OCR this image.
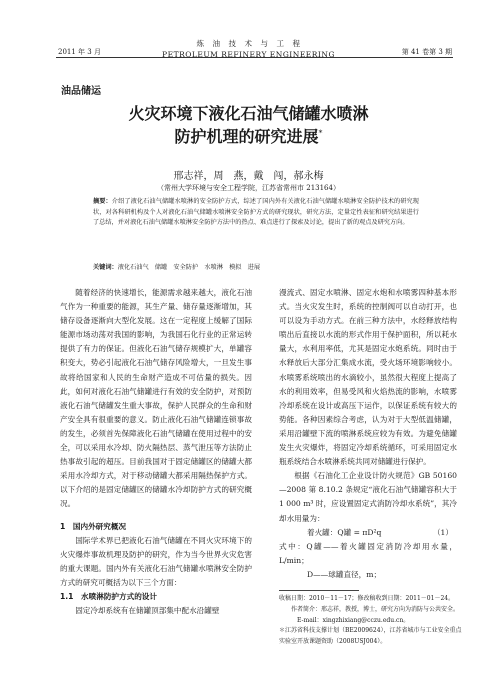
2011 年 3 月
炼　油　技　术　与　工　程
PETROLEUM REFINERY ENGINEERING	第 41 卷第 3 期
油品储运
火灾环境下液化石油气储罐水喷淋
防护机理的研究进展*
邢志祥，周　燕，戴　闯，郝永梅
（常州大学环境与安全工程学院，江苏省常州市 213164）
摘要：介绍了液化石油气储罐水喷淋的安全防护方式，综述了国内外有关液化石油气储罐水喷淋安全防护技术的研究现状，对各科研机构及个人对液化石油气储罐水喷淋安全防护方式的研究现状，研究方法，定量定性表征和研究结果进行了总结，并对液化石油气储罐水喷淋安全防护方法中的热点、难点进行了探索及讨论，提出了新的观点及研究方向。
关键词：液化石油气　储罐　安全防护　水喷淋　模拟　进展

随着经济的快速增长，能源需求越来越大，液化石油气作为一种重要的能源，其生产量、储存量逐渐增加，其储存设备逐渐向大型化发展。这在一定程度上缓解了国际能源市场动荡对我国的影响，为我国石化行业的正常运转提供了有力的保证。但液化石油气储存规模扩大，单罐容积变大，势必引起液化石油气储存风险增大，一旦发生事故将给国家和人民的生命财产造成不可估量的损失。因此，如何对液化石油气储罐进行有效的安全防护，对预防液化石油气储罐发生重大事故，保护人民群众的生命和财产安全具有很重要的意义。防止液化石油气储罐连锁事故的发生，必须首先保障液化石油气储罐在使用过程中的安全，可以采用水冷却、防火隔热层、蒸气泄压等方法防止热事故引起的超压。目前我国对于固定储罐区的储罐大都采用水冷却方式，对于移动储罐大都采用隔热保护方式。以下介绍的是固定储罐区的储罐水冷却防护方式的研究概况。

1　国内外研究概况

国际学术界已把液化石油气储罐在不同火灾环境下的火灾爆炸事故机理及防护的研究，作为当今世界火灾危害的重大课题。国内外有关液化石油气储罐水喷淋安全防护方式的研究可概括为以下三个方面：

1.1　水喷淋防护方式的设计

固定冷却系统有在储罐顶部集中配水沿罐壁

漫流式、固定水喷淋、固定水炮和水喷雾四种基本形式。当火灾发生时，系统的控制阀可以自动打开，也可以设为手动方式。在前三种方法中，水经释放结构喷出后直接以水流的形式作用于保护面积，所以耗水量大，水利用率低，尤其是固定水炮系统。同时由于水释放后大部分汇集成水流，受火场环境影响较小。水喷雾系统喷出的水滴较小，虽然很大程度上提高了水的利用效率，但易受风和火焰热流的影响，水喷雾冷却系统在设计或高压下运作，以保证系统有较大的势能。各种因素综合考虑，认为对于大型低温储罐，采用沿罐壁下流的喷淋系统应较为有效。为避免储罐发生火灾爆炸，将固定冷却系统循环，可采用固定水瓶系统结合水喷淋系统共同对储罐进行保护。

根据《石油化工企业设计防火规范》GB 50160—2008 第 8.10.2 条规定“液化石油气储罐容积大于 1 000 m³ 时，应设置固定式消防冷却水系统”，其冷却水用量为：

着火罐：Q罐 = πD²q	（1）

式中：Q罐——着火罐固定消防冷却用水量，L/min；

D——球罐直径，m；

收稿日期：2010－11－17；修改稿收到日期：2011－01－24。
作者简介：邢志祥，教授，博士，研究方向为消防与公共安全。
E-mail：xingzhixiang@cczu.edu.cn。
＊江苏省科技支撑计划（BE2009624），江苏省城市与工业安全重点实验室开放课题资助（2008USJ004）。
